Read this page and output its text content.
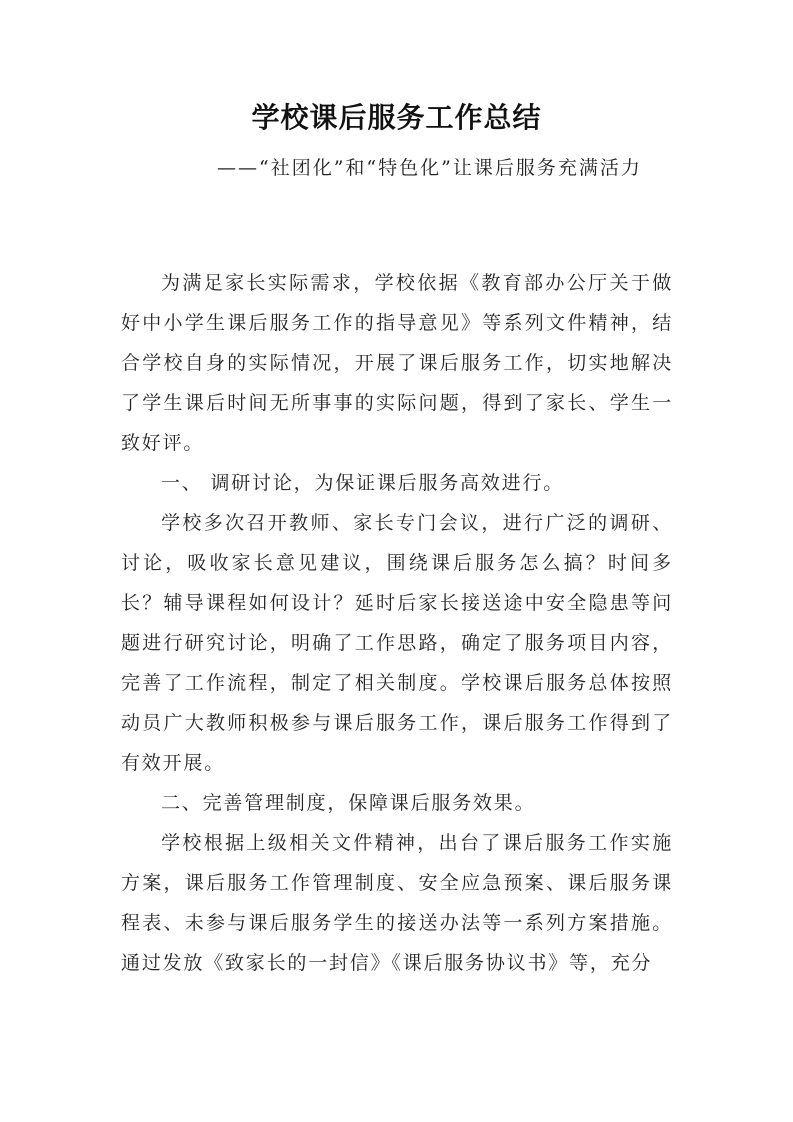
学校课后服务工作总结

——“社团化”和“特色化”让课后服务充满活力

为满足家长实际需求，学校依据《教育部办公厅关于做好中小学生课后服务工作的指导意见》等系列文件精神，结合学校自身的实际情况，开展了课后服务工作，切实地解决了学生课后时间无所事事的实际问题，得到了家长、学生一致好评。

一、 调研讨论，为保证课后服务高效进行。

学校多次召开教师、家长专门会议，进行广泛的调研、讨论，吸收家长意见建议，围绕课后服务怎么搞？时间多长？辅导课程如何设计？延时后家长接送途中安全隐患等问题进行研究讨论，明确了工作思路，确定了服务项目内容，完善了工作流程，制定了相关制度。学校课后服务总体按照动员广大教师积极参与课后服务工作，课后服务工作得到了有效开展。

二、完善管理制度，保障课后服务效果。

学校根据上级相关文件精神，出台了课后服务工作实施方案，课后服务工作管理制度、安全应急预案、课后服务课程表、未参与课后服务学生的接送办法等一系列方案措施。通过发放《致家长的一封信》《课后服务协议书》等，充分
